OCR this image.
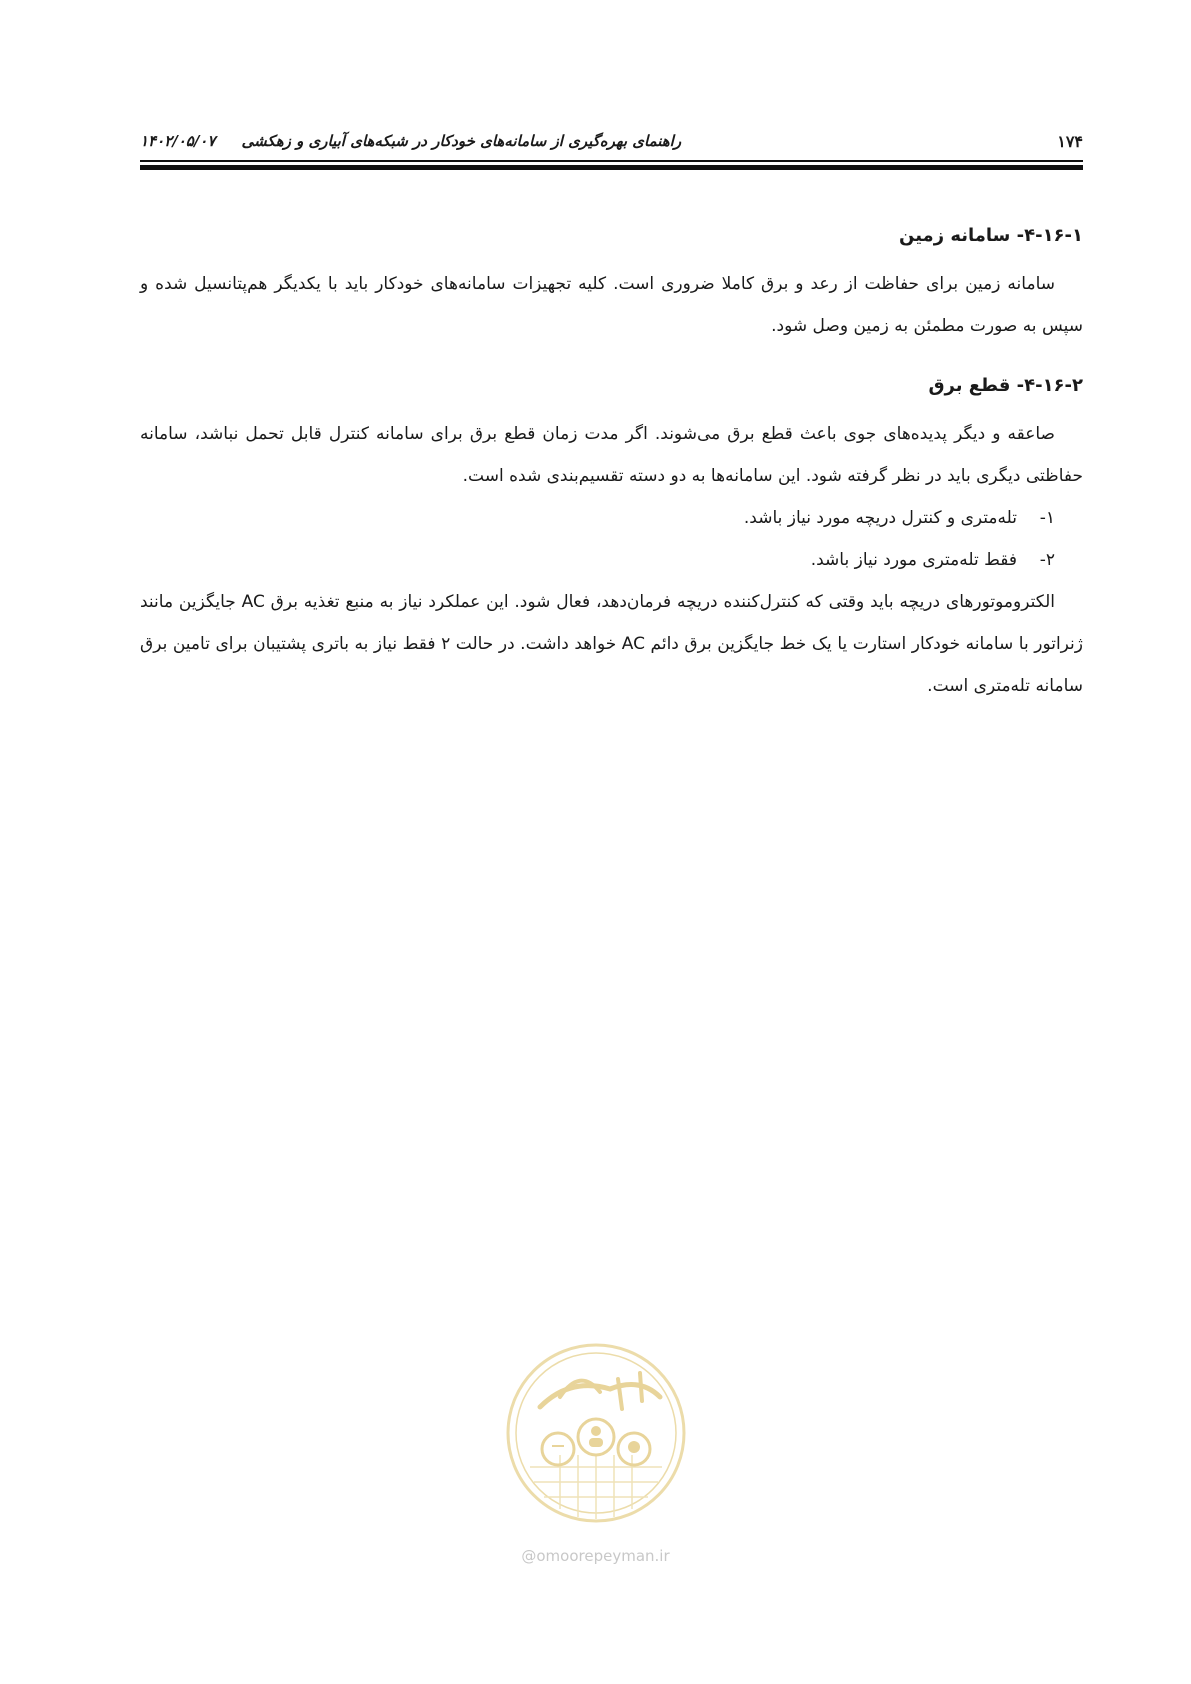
۱۷۴
راهنمای بهره‌گیری از سامانه‌های خودکار در شبکه‌های آبیاری و زهکشی     ۱۴۰۲/۰۵/۰۷

۴-۱۶-۱- سامانه زمین

سامانه زمین برای حفاظت از رعد و برق کاملا ضروری است. کلیه تجهیزات سامانه‌های خودکار باید با یکدیگر هم‌پتانسیل شده و سپس به صورت مطمئن به زمین وصل شود.

۴-۱۶-۲- قطع برق

صاعقه و دیگر پدیده‌های جوی باعث قطع برق می‌شوند. اگر مدت زمان قطع برق برای سامانه کنترل قابل تحمل نباشد، سامانه حفاظتی دیگری باید در نظر گرفته شود. این سامانه‌ها به دو دسته تقسیم‌بندی شده است.

۱-تله‌متری و کنترل دریچه مورد نیاز باشد.
۲-فقط تله‌متری مورد نیاز باشد.

الکتروموتورهای دریچه باید وقتی که کنترل‌کننده دریچه فرمان‌دهد، فعال شود. این عملکرد نیاز به منبع تغذیه برق AC جایگزین مانند ژنراتور با سامانه خودکار استارت یا یک خط جایگزین برق دائم AC خواهد داشت. در حالت ۲ فقط نیاز به باتری پشتیبان برای تامین برق سامانه تله‌متری است.

@omoorepeyman.ir
